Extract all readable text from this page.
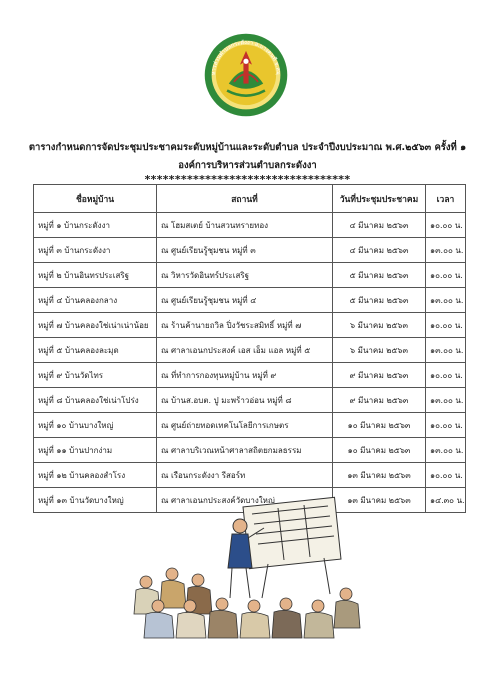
หารส่วนตำบลกระดังงา อ.บางคนที จ.สมุ
ตารางกำหนดการจัดประชุมประชาคมระดับหมู่บ้านและระดับตำบล ประจำปีงบประมาณ พ.ศ.๒๕๖๓ ครั้งที่ ๑
องค์การบริหารส่วนตำบลกระดังงา
**********************************
ชื่อหมู่บ้าน	สถานที่	วันที่ประชุมประชาคม	เวลา
หมู่ที่ ๑ บ้านกระดังงา	ณ โฮมสเตย์ บ้านสวนทรายทอง	๔ มีนาคม ๒๕๖๓	๑๐.๐๐ น.
หมู่ที่ ๓ บ้านกระดังงา	ณ ศูนย์เรียนรู้ชุมชน หมู่ที่ ๓	๔ มีนาคม ๒๕๖๓	๑๓.๐๐ น.
หมู่ที่ ๒ บ้านอินทรประเสริฐ	ณ วิหารวัดอินทร์ประเสริฐ	๕ มีนาคม ๒๕๖๓	๑๐.๐๐ น.
หมู่ที่ ๔ บ้านคลองกลาง	ณ ศูนย์เรียนรู้ชุมชน หมู่ที่ ๔	๕ มีนาคม ๒๕๖๓	๑๓.๐๐ น.
หมู่ที่ ๗ บ้านคลองใช่เน่าเน่าน้อย	ณ ร้านค้านายถวิล ปิ่งวัชระสมิทธิ์ หมู่ที่ ๗	๖ มีนาคม ๒๕๖๓	๑๐.๐๐ น.
หมู่ที่ ๕ บ้านคลองละมุด	ณ ศาลาเอนกประสงค์ เอส เอ็ม แอล หมู่ที่ ๕	๖ มีนาคม ๒๕๖๓	๑๓.๐๐ น.
หมู่ที่ ๙ บ้านวัดไทร	ณ ที่ทำการกองทุนหมู่บ้าน หมู่ที่ ๙	๙ มีนาคม ๒๕๖๓	๑๐.๐๐ น.
หมู่ที่ ๘ บ้านคลองใช่เน่าโปร่ง	ณ บ้านส.อบต. ปู มะพร้าวอ่อน หมู่ที่ ๘	๙ มีนาคม ๒๕๖๓	๑๓.๐๐ น.
หมู่ที่ ๑๐ บ้านบางใหญ่	ณ ศูนย์ถ่ายทอดเทคโนโลยีการเกษตร	๑๐ มีนาคม ๒๕๖๓	๑๐.๐๐ น.
หมู่ที่ ๑๑ บ้านปากง่าม	ณ ศาลาบริเวณหน้าศาลาสถิตยกมลธรรม	๑๐ มีนาคม ๒๕๖๓	๑๓.๐๐ น.
หมู่ที่ ๑๒ บ้านคลองสำโรง	ณ เรือนกระดังงา รีสอร์ท	๑๓ มีนาคม ๒๕๖๓	๑๐.๐๐ น.
หมู่ที่ ๑๓ บ้านวัดบางใหญ่	ณ ศาลาเอนกประสงค์วัดบางใหญ่	๑๓ มีนาคม ๒๕๖๓	๑๔.๓๐ น.
